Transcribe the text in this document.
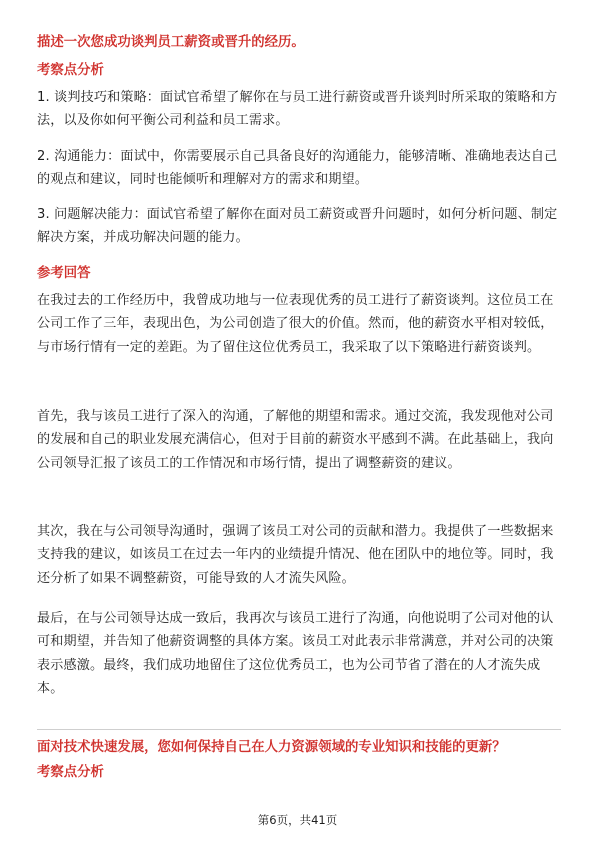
描述一次您成功谈判员工薪资或晋升的经历。
考察点分析
1. 谈判技巧和策略：面试官希望了解你在与员工进行薪资或晋升谈判时所采取的策略和方法，以及你如何平衡公司利益和员工需求。
2. 沟通能力：面试中，你需要展示自己具备良好的沟通能力，能够清晰、准确地表达自己的观点和建议，同时也能倾听和理解对方的需求和期望。
3. 问题解决能力：面试官希望了解你在面对员工薪资或晋升问题时，如何分析问题、制定解决方案，并成功解决问题的能力。
参考回答
在我过去的工作经历中，我曾成功地与一位表现优秀的员工进行了薪资谈判。这位员工在公司工作了三年，表现出色，为公司创造了很大的价值。然而，他的薪资水平相对较低，与市场行情有一定的差距。为了留住这位优秀员工，我采取了以下策略进行薪资谈判。
首先，我与该员工进行了深入的沟通，了解他的期望和需求。通过交流，我发现他对公司的发展和自己的职业发展充满信心，但对于目前的薪资水平感到不满。在此基础上，我向公司领导汇报了该员工的工作情况和市场行情，提出了调整薪资的建议。
其次，我在与公司领导沟通时，强调了该员工对公司的贡献和潜力。我提供了一些数据来支持我的建议，如该员工在过去一年内的业绩提升情况、他在团队中的地位等。同时，我还分析了如果不调整薪资，可能导致的人才流失风险。
最后，在与公司领导达成一致后，我再次与该员工进行了沟通，向他说明了公司对他的认可和期望，并告知了他薪资调整的具体方案。该员工对此表示非常满意，并对公司的决策表示感激。最终，我们成功地留住了这位优秀员工，也为公司节省了潜在的人才流失成本。
面对技术快速发展，您如何保持自己在人力资源领域的专业知识和技能的更新？
考察点分析
第6页，共41页
